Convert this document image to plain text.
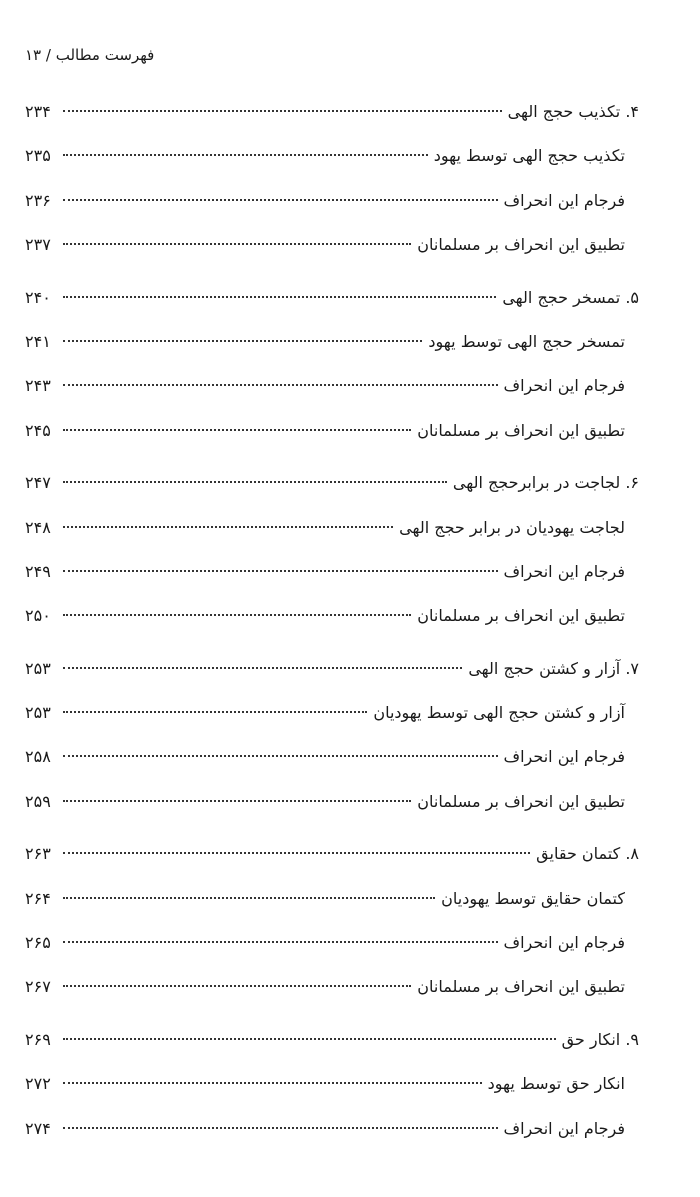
فهرست مطالب / ۱۳
۴. تکذیب حجج الهی
۲۳۴
تکذیب حجج الهی توسط یهود
۲۳۵
فرجام این انحراف
۲۳۶
تطبیق این انحراف بر مسلمانان
۲۳۷
۵. تمسخر حجج الهی
۲۴۰
تمسخر حجج الهی توسط یهود
۲۴۱
فرجام این انحراف
۲۴۳
تطبیق این انحراف بر مسلمانان
۲۴۵
۶. لجاجت در برابرحجج الهی
۲۴۷
لجاجت یهودیان در برابر حجج الهی
۲۴۸
فرجام این انحراف
۲۴۹
تطبیق این انحراف بر مسلمانان
۲۵۰
۷. آزار و کشتن حجج الهی
۲۵۳
آزار و کشتن حجج الهی توسط یهودیان
۲۵۳
فرجام این انحراف
۲۵۸
تطبیق این انحراف بر مسلمانان
۲۵۹
۸. کتمان حقایق
۲۶۳
کتمان حقایق توسط یهودیان
۲۶۴
فرجام این انحراف
۲۶۵
تطبیق این انحراف بر مسلمانان
۲۶۷
۹. انکار حق
۲۶۹
انکار حق توسط یهود
۲۷۲
فرجام این انحراف
۲۷۴
